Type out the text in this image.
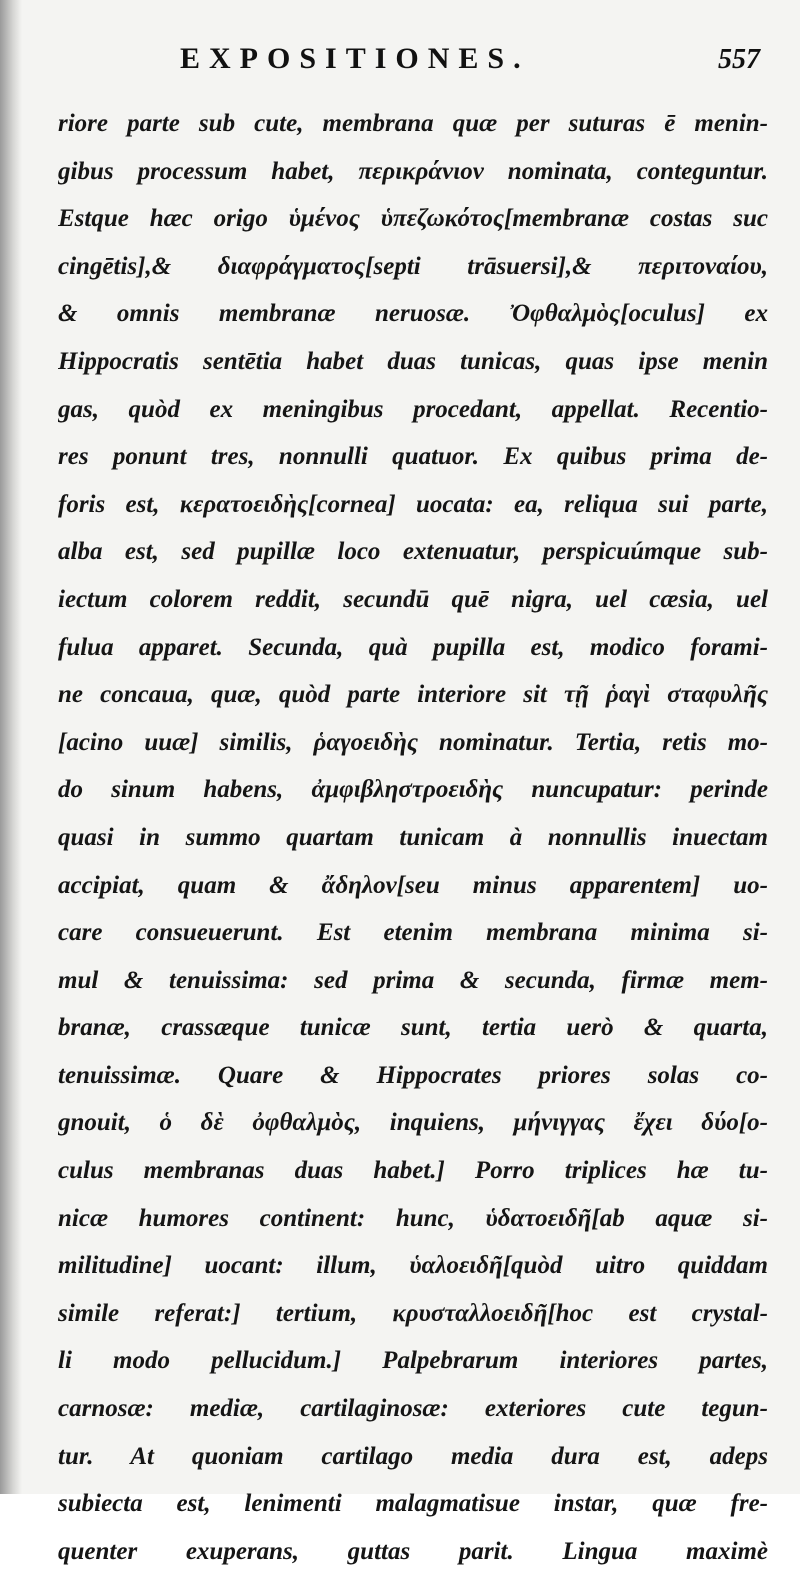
EXPOSITIONES.	557
riore parte sub cute, membrana quæ per suturas ē menin-
gibus processum habet, περικράνιον nominata, conteguntur.
Estque hæc origo ὑμένος ὑπεζωκότος[membranæ costas suc
cingētis],& διαφράγματος[septi trāsuersi],& περιτοναίου,
& omnis membranæ neruosæ. Ὀφθαλμὸς[oculus] ex
Hippocratis sentētia habet duas tunicas, quas ipse menin
gas, quòd ex meningibus procedant, appellat. Recentio-
res ponunt tres, nonnulli quatuor. Ex quibus prima de-
foris est, κερατοειδὴς[cornea] uocata: ea, reliqua sui parte,
alba est, sed pupillæ loco extenuatur, perspicuúmque sub-
iectum colorem reddit, secundū quē nigra, uel cæsia, uel
fulua apparet. Secunda, quà pupilla est, modico forami-
ne concaua, quæ, quòd parte interiore sit τῇ ῥαγὶ σταφυλῆς
[acino uuæ] similis, ῥαγοειδὴς nominatur. Tertia, retis mo-
do sinum habens, ἀμφιβληστροειδὴς nuncupatur: perinde
quasi in summo quartam tunicam à nonnullis inuectam
accipiat, quam & ἄδηλον[seu minus apparentem] uo-
care consueuerunt. Est etenim membrana minima si-
mul & tenuissima: sed prima & secunda, firmæ mem-
branæ, crassæque tunicæ sunt, tertia uerò & quarta,
tenuissimæ. Quare & Hippocrates priores solas co-
gnouit, ὁ δὲ ὀφθαλμὸς, inquiens, μήνιγγας ἔχει δύο[o-
culus membranas duas habet.] Porro triplices hæ tu-
nicæ humores continent: hunc, ὑδατοειδῆ[ab aquæ si-
militudine] uocant: illum, ὑαλοειδῆ[quòd uitro quiddam
simile referat:] tertium, κρυσταλλοειδῆ[hoc est crystal-
li modo pellucidum.] Palpebrarum interiores partes,
carnosæ: mediæ, cartilaginosæ: exteriores cute tegun-
tur. At quoniam cartilago media dura est, adeps
subiecta est, lenimenti malagmatisue instar, quæ fre-
quenter exuperans, guttas parit. Lingua maximè
